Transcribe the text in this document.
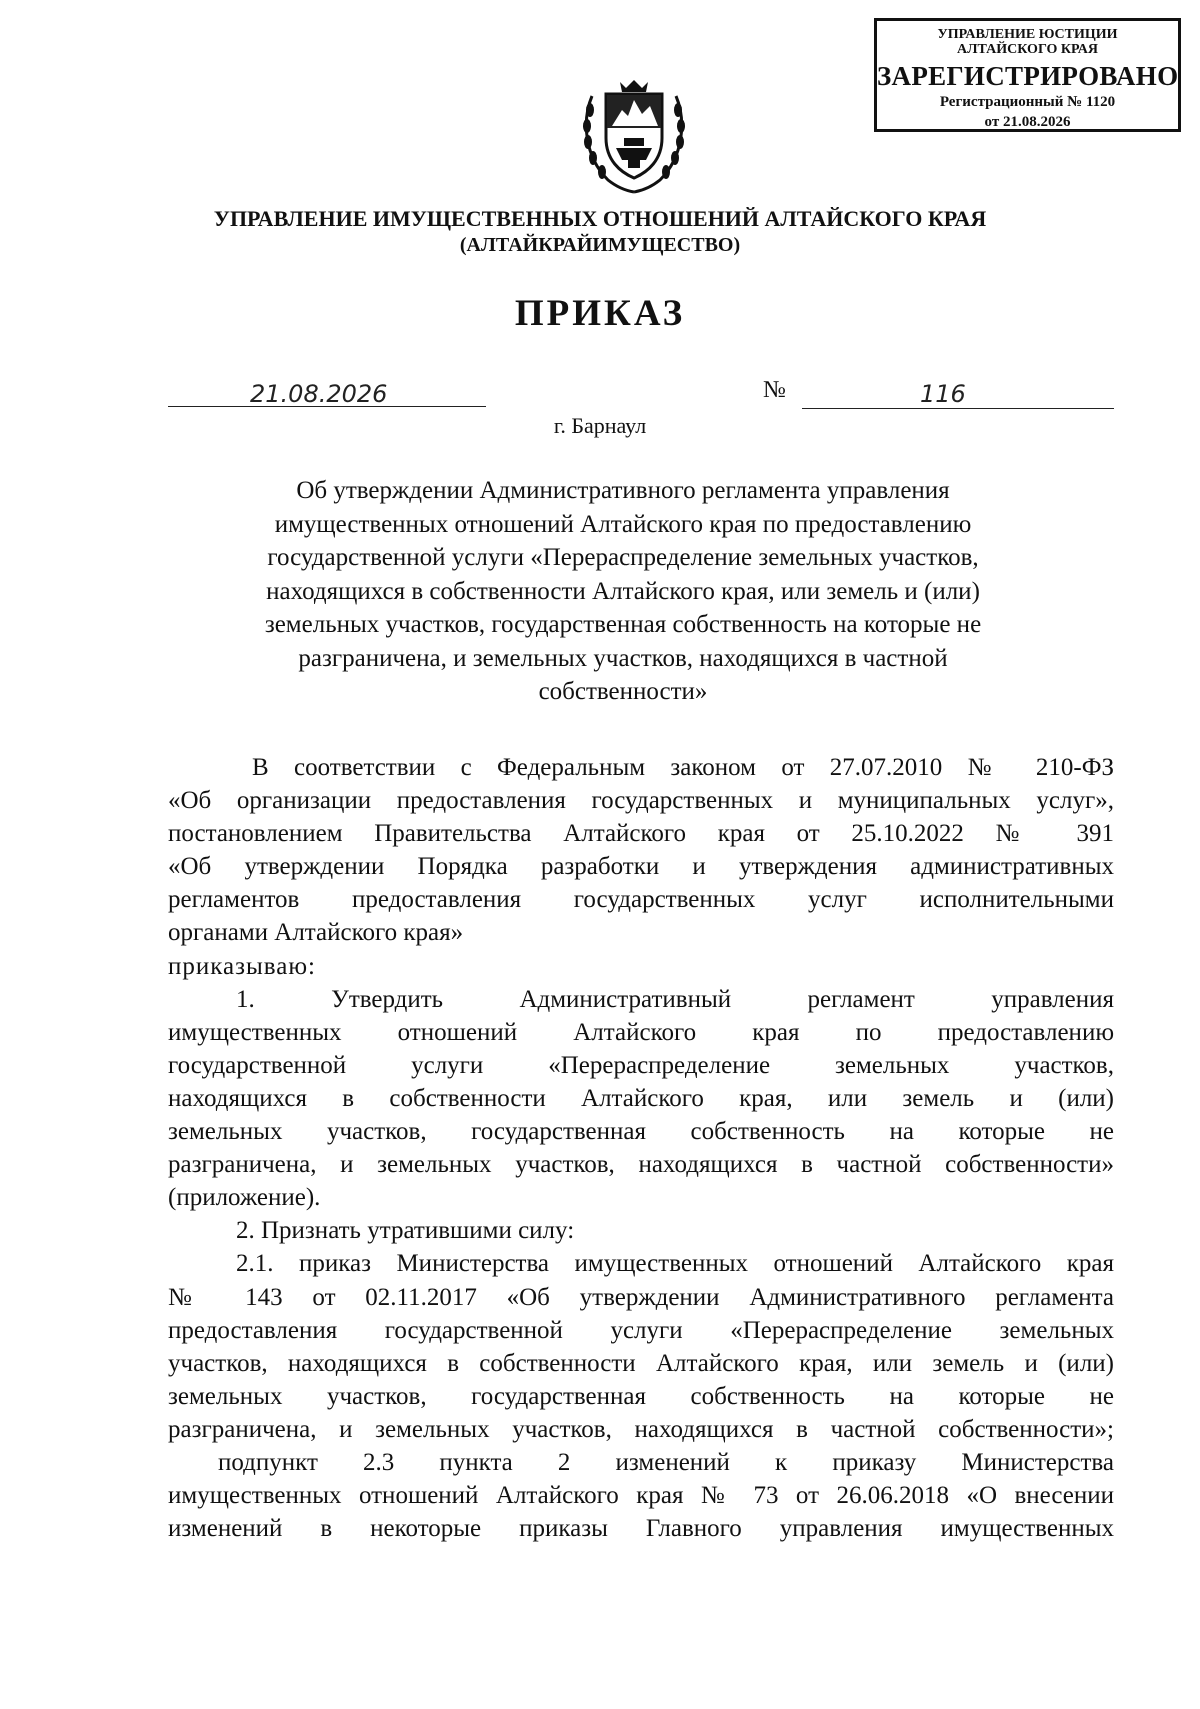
УПРАВЛЕНИЕ ЮСТИЦИИ
АЛТАЙСКОГО КРАЯ
ЗАРЕГИСТРИРОВАНО
Регистрационный № 1120
от 21.08.2026
УПРАВЛЕНИЕ ИМУЩЕСТВЕННЫХ ОТНОШЕНИЙ АЛТАЙСКОГО КРАЯ
(АЛТАЙКРАЙИМУЩЕСТВО)
ПРИКАЗ
21.08.2026	№	116
г. Барнаул
Об утверждении Административного регламента управления
имущественных отношений Алтайского края по предоставлению
государственной услуги «Перераспределение земельных участков,
находящихся в собственности Алтайского края, или земель и (или)
земельных участков, государственная собственность на которые не
разграничена, и земельных участков, находящихся в частной
собственности»

В соответствии с Федеральным законом от 27.07.2010 № 210-ФЗ

«Об организации предоставления государственных и муниципальных услуг»,

постановлением Правительства Алтайского края от 25.10.2022 № 391

«Об утверждении Порядка разработки и утверждения административных

регламентов предоставления государственных услуг исполнительными

органами Алтайского края»

приказываю:

1. Утвердить Административный регламент управления

имущественных отношений Алтайского края по предоставлению

государственной услуги «Перераспределение земельных участков,

находящихся в собственности Алтайского края, или земель и (или)

земельных участков, государственная собственность на которые не

разграничена, и земельных участков, находящихся в частной собственности»

(приложение).

2. Признать утратившими силу:

2.1. приказ Министерства имущественных отношений Алтайского края

№ 143 от 02.11.2017 «Об утверждении Административного регламента

предоставления государственной услуги «Перераспределение земельных

участков, находящихся в собственности Алтайского края, или земель и (или)

земельных участков, государственная собственность на которые не

разграничена, и земельных участков, находящихся в частной собственности»;

подпункт 2.3 пункта 2 изменений к приказу Министерства

имущественных отношений Алтайского края № 73 от 26.06.2018 «О внесении

изменений в некоторые приказы Главного управления имущественных
